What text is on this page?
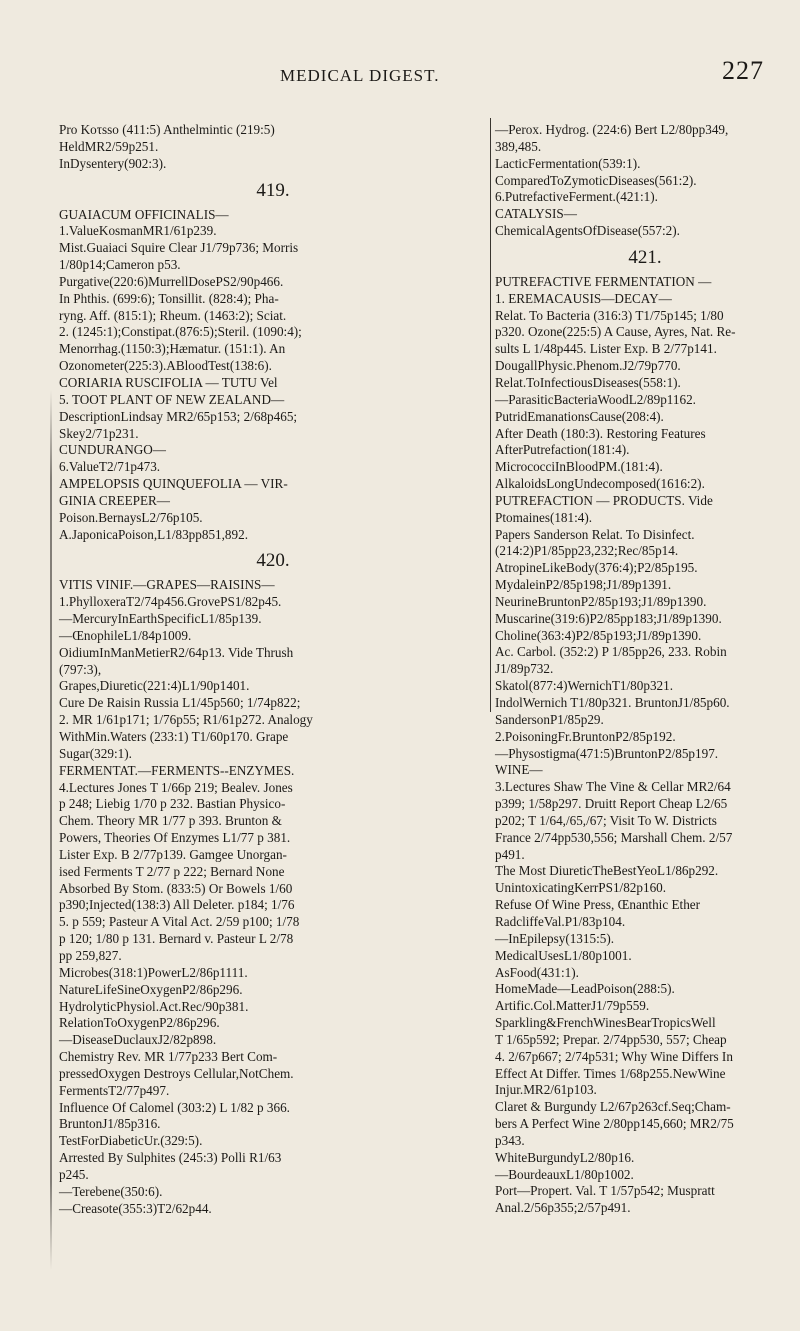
MEDICAL DIGEST.	227

Pro Koτsso (411:5) Anthelmintic (219:5)

HeldMR2/59p251.

InDysentery(902:3).

419.

GUAIACUM OFFICINALIS—

1.ValueKosmanMR1/61p239.

Mist.Guaiaci Squire Clear J1/79p736; Morris

1/80p14;Cameron p53.

Purgative(220:6)MurrellDosePS2/90p466.

In Phthis. (699:6); Tonsillit. (828:4); Pha-

ryng. Aff. (815:1); Rheum. (1463:2); Sciat.

2. (1245:1);Constipat.(876:5);Steril. (1090:4);

Menorrhag.(1150:3);Hæmatur. (151:1). An

Ozonometer(225:3).ABloodTest(138:6).

CORIARIA RUSCIFOLIA — TUTU Vel

5. TOOT PLANT OF NEW ZEALAND—

DescriptionLindsay MR2/65p153; 2/68p465;

Skey2/71p231.

CUNDURANGO—

6.ValueT2/71p473.

AMPELOPSIS QUINQUEFOLIA — VIR-

GINIA CREEPER—

Poison.BernaysL2/76p105.

A.JaponicaPoison,L1/83pp851,892.

420.

VITIS VINIF.—GRAPES—RAISINS—

1.PhylloxeraT2/74p456.GrovePS1/82p45.

—MercuryInEarthSpecificL1/85p139.

—ŒnophileL1/84p1009.

OidiumInManMetierR2/64p13. Vide Thrush

(797:3),

Grapes,Diuretic(221:4)L1/90p1401.

Cure De Raisin Russia L1/45p560; 1/74p822;

2. MR 1/61p171; 1/76p55; R1/61p272. Analogy

WithMin.Waters (233:1) T1/60p170. Grape

Sugar(329:1).

FERMENTAT.—FERMENTS--ENZYMES.

4.Lectures Jones T 1/66p 219; Bealev. Jones

p 248; Liebig 1/70 p 232. Bastian Physico-

Chem. Theory MR 1/77 p 393. Brunton &

Powers, Theories Of Enzymes L1/77 p 381.

Lister Exp. B 2/77p139. Gamgee Unorgan-

ised Ferments T 2/77 p 222; Bernard None

Absorbed By Stom. (833:5) Or Bowels 1/60

p390;Injected(138:3) All Deleter. p184; 1/76

5. p 559; Pasteur A Vital Act. 2/59 p100; 1/78

p 120; 1/80 p 131. Bernard v. Pasteur L 2/78

pp 259,827.

Microbes(318:1)PowerL2/86p1111.

NatureLifeSineOxygenP2/86p296.

HydrolyticPhysiol.Act.Rec/90p381.

RelationToOxygenP2/86p296.

—DiseaseDuclauxJ2/82p898.

Chemistry Rev. MR 1/77p233 Bert Com-

pressedOxygen Destroys Cellular,NotChem.

FermentsT2/77p497.

Influence Of Calomel (303:2) L 1/82 p 366.

BruntonJ1/85p316.

TestForDiabeticUr.(329:5).

Arrested By Sulphites (245:3) Polli R1/63

p245.

—Terebene(350:6).

—Creasote(355:3)T2/62p44.

—Perox. Hydrog. (224:6) Bert L2/80pp349,

389,485.

LacticFermentation(539:1).

ComparedToZymoticDiseases(561:2).

6.PutrefactiveFerment.(421:1).

CATALYSIS—

ChemicalAgentsOfDisease(557:2).

421.

PUTREFACTIVE FERMENTATION —

1. EREMACAUSIS—DECAY—

Relat. To Bacteria (316:3) T1/75p145; 1/80

p320. Ozone(225:5) A Cause, Ayres, Nat. Re-

sults L 1/48p445. Lister Exp. B 2/77p141.

DougallPhysic.Phenom.J2/79p770.

Relat.ToInfectiousDiseases(558:1).

—ParasiticBacteriaWoodL2/89p1162.

PutridEmanationsCause(208:4).

After Death (180:3). Restoring Features

AfterPutrefaction(181:4).

MicrococciInBloodPM.(181:4).

AlkaloidsLongUndecomposed(1616:2).

PUTREFACTION — PRODUCTS. Vide

Ptomaines(181:4).

Papers Sanderson Relat. To Disinfect.

(214:2)P1/85pp23,232;Rec/85p14.

AtropineLikeBody(376:4);P2/85p195.

MydaleinP2/85p198;J1/89p1391.

NeurineBruntonP2/85p193;J1/89p1390.

Muscarine(319:6)P2/85pp183;J1/89p1390.

Choline(363:4)P2/85p193;J1/89p1390.

Ac. Carbol. (352:2) P 1/85pp26, 233. Robin

J1/89p732.

Skatol(877:4)WernichT1/80p321.

IndolWernich T1/80p321. BruntonJ1/85p60.

SandersonP1/85p29.

2.PoisoningFr.BruntonP2/85p192.

—Physostigma(471:5)BruntonP2/85p197.

WINE—

3.Lectures Shaw The Vine & Cellar MR2/64

p399; 1/58p297. Druitt Report Cheap L2/65

p202; T 1/64,/65,/67; Visit To W. Districts

France 2/74pp530,556; Marshall Chem. 2/57

p491.

The Most DiureticTheBestYeoL1/86p292.

UnintoxicatingKerrPS1/82p160.

Refuse Of Wine Press, Œnanthic Ether

RadcliffeVal.P1/83p104.

—InEpilepsy(1315:5).

MedicalUsesL1/80p1001.

AsFood(431:1).

HomeMade—LeadPoison(288:5).

Artific.Col.MatterJ1/79p559.

Sparkling&FrenchWinesBearTropicsWell

T 1/65p592; Prepar. 2/74pp530, 557; Cheap

4. 2/67p667; 2/74p531; Why Wine Differs In

Effect At Differ. Times 1/68p255.NewWine

Injur.MR2/61p103.

Claret & Burgundy L2/67p263cf.Seq;Cham-

bers A Perfect Wine 2/80pp145,660; MR2/75

p343.

WhiteBurgundyL2/80p16.

—BourdeauxL1/80p1002.

Port—Propert. Val. T 1/57p542; Muspratt

Anal.2/56p355;2/57p491.
